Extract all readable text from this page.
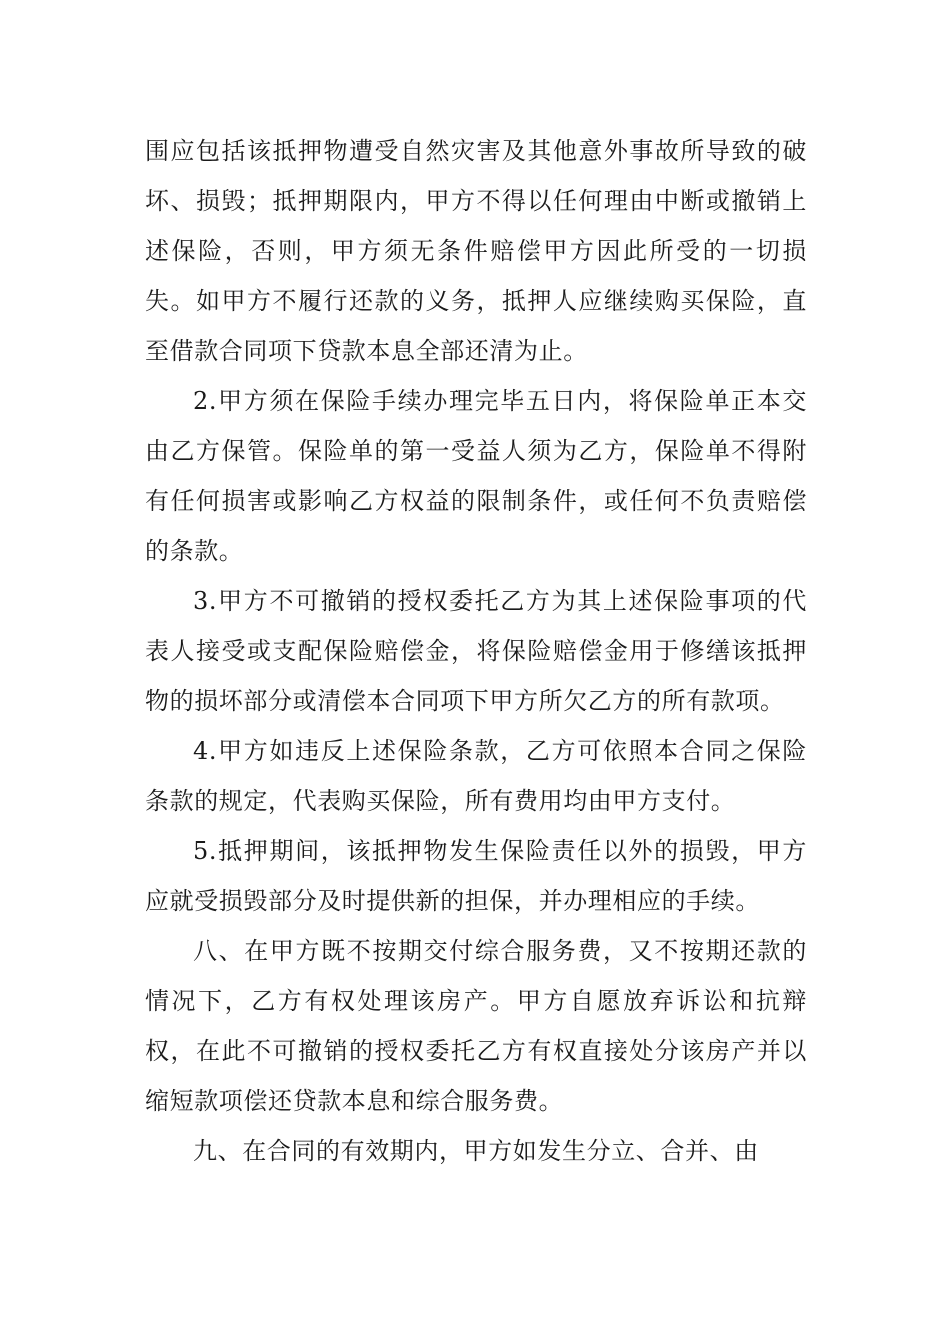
围应包括该抵押物遭受自然灾害及其他意外事故所导致的破坏、损毁；抵押期限内，甲方不得以任何理由中断或撤销上述保险，否则，甲方须无条件赔偿甲方因此所受的一切损失。如甲方不履行还款的义务，抵押人应继续购买保险，直至借款合同项下贷款本息全部还清为止。

2.甲方须在保险手续办理完毕五日内，将保险单正本交由乙方保管。保险单的第一受益人须为乙方，保险单不得附有任何损害或影响乙方权益的限制条件，或任何不负责赔偿的条款。

3.甲方不可撤销的授权委托乙方为其上述保险事项的代表人接受或支配保险赔偿金，将保险赔偿金用于修缮该抵押物的损坏部分或清偿本合同项下甲方所欠乙方的所有款项。

4.甲方如违反上述保险条款，乙方可依照本合同之保险条款的规定，代表购买保险，所有费用均由甲方支付。

5.抵押期间，该抵押物发生保险责任以外的损毁，甲方应就受损毁部分及时提供新的担保，并办理相应的手续。

八、在甲方既不按期交付综合服务费，又不按期还款的情况下，乙方有权处理该房产。甲方自愿放弃诉讼和抗辩权，在此不可撤销的授权委托乙方有权直接处分该房产并以缩短款项偿还贷款本息和综合服务费。

九、在合同的有效期内，甲方如发生分立、合并、由
